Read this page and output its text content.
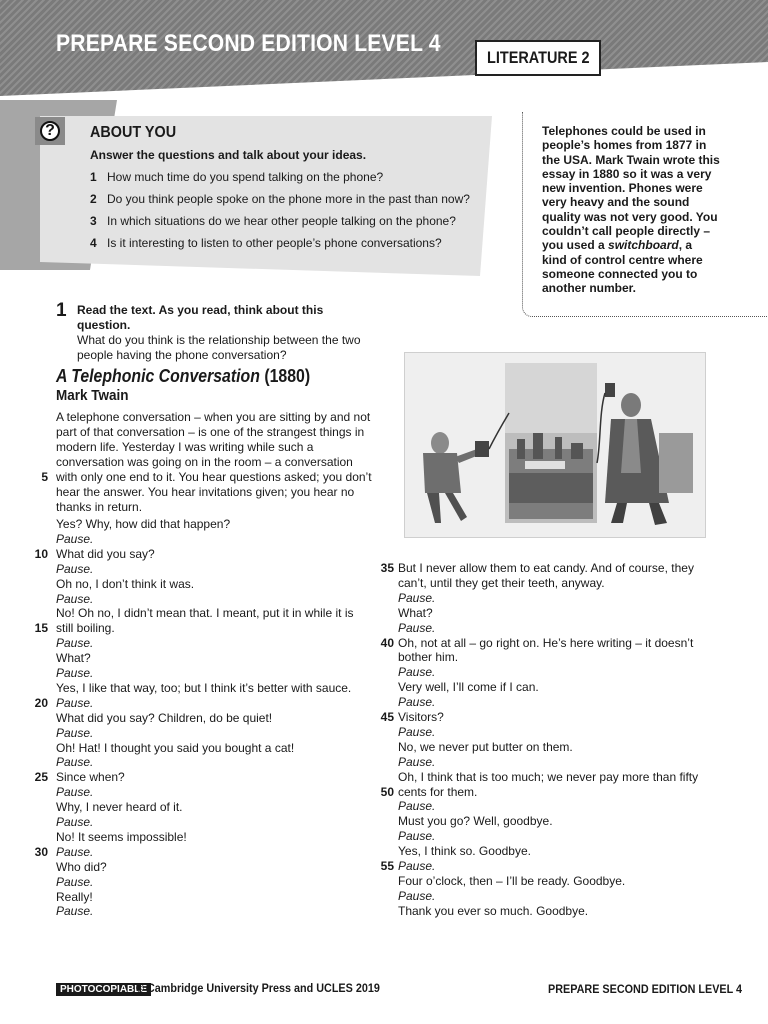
PREPARE SECOND EDITION LEVEL 4
LITERATURE 2
?	ABOUT YOU
Answer the questions and talk about your ideas.
1 How much time do you spend talking on the phone?
2 Do you think people spoke on the phone more in the past than now?
3 In which situations do we hear other people talking on the phone?
4 Is it interesting to listen to other people’s phone conversations?
Telephones could be used in people’s homes from 1877 in the USA. Mark Twain wrote this essay in 1880 so it was a very new invention. Phones were very heavy and the sound quality was not very good. You couldn’t call people directly – you used a switchboard, a kind of control centre where someone connected you to another number.
1 Read the text. As you read, think about this question.
What do you think is the relationship between the two people having the phone conversation?
A Telephonic Conversation (1880)
Mark Twain
A telephone conversation – when you are sitting by and not part of that conversation – is one of the strangest things in modern life. Yesterday I was writing while such a conversation was going on in the room – a conversation with only one end to it. You hear questions asked; you don’t hear the answer. You hear invitations given; you hear no thanks in return.
5
Yes? Why, how did that happen?
Pause.
What did you say?
10
Pause.
Oh no, I don’t think it was.
Pause.
No! Oh no, I didn’t mean that. I meant, put it in while it is
still boiling.
15
Pause.
What?
Pause.
Yes, I like that way, too; but I think it’s better with sauce.
Pause.
20
What did you say? Children, do be quiet!
Pause.
Oh! Hat! I thought you said you bought a cat!
Pause.
Since when?
25
Pause.
Why, I never heard of it.
Pause.
No! It seems impossible!
Pause.
30
Who did?
Pause.
Really!
Pause.
But I never allow them to eat candy. And of course, they
35
can’t, until they get their teeth, anyway.
Pause.
What?
Pause.
Oh, not at all – go right on. He’s here writing – it doesn’t
40
bother him.
Pause.
Very well, I’ll come if I can.
Pause.
Visitors?
45
Pause.
No, we never put butter on them.
Pause.
Oh, I think that is too much; we never pay more than fifty
cents for them.
50
Pause.
Must you go? Well, goodbye.
Pause.
Yes, I think so. Goodbye.
Pause.
55
Four o’clock, then – I’ll be ready. Goodbye.
Pause.
Thank you ever so much. Goodbye.
PHOTOCOPIABLE
© Cambridge University Press and UCLES 2019	PREPARE SECOND EDITION LEVEL 4
